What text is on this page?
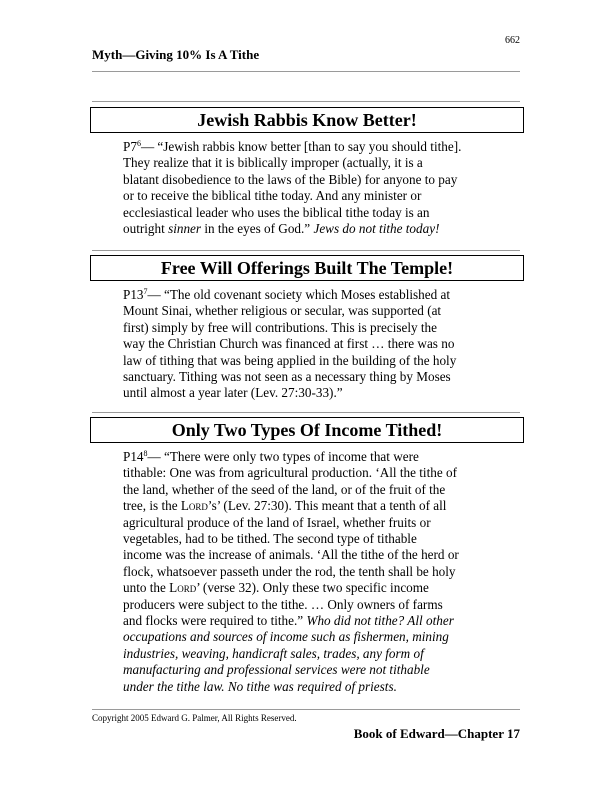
662
Myth—Giving 10% Is A Tithe
Jewish Rabbis Know Better!

$P7^6—$ “Jewish rabbis know better [than to say you should tithe].
They realize that it is biblically improper (actually, it is a
blatant disobedience to the laws of the Bible) for anyone to pay
or to receive the biblical tithe today. And any minister or
ecclesiastical leader who uses the biblical tithe today is an
outright sinner in the eyes of God.” Jews do not tithe today!

Free Will Offerings Built The Temple!

$P13^7—$ “The old covenant society which Moses established at
Mount Sinai, whether religious or secular, was supported (at
first) simply by free will contributions. This is precisely the
way the Christian Church was financed at first … there was no
law of tithing that was being applied in the building of the holy
sanctuary. Tithing was not seen as a necessary thing by Moses
until almost a year later (Lev. 27:30-33).”

Only Two Types Of Income Tithed!

$P14^8—$ “There were only two types of income that were
tithable: One was from agricultural production. ‘All the tithe of
the land, whether of the seed of the land, or of the fruit of the
tree, is the Lord’s’ (Lev. 27:30). This meant that a tenth of all
agricultural produce of the land of Israel, whether fruits or
vegetables, had to be tithed. The second type of tithable
income was the increase of animals. ‘All the tithe of the herd or
flock, whatsoever passeth under the rod, the tenth shall be holy
unto the Lord’ (verse 32). Only these two specific income
producers were subject to the tithe. … Only owners of farms
and flocks were required to tithe.” Who did not tithe? All other
occupations and sources of income such as fishermen, mining
industries, weaving, handicraft sales, trades, any form of
manufacturing and professional services were not tithable
under the tithe law. No tithe was required of priests.

Copyright 2005 Edward G. Palmer, All Rights Reserved.
Book of Edward—Chapter 17
